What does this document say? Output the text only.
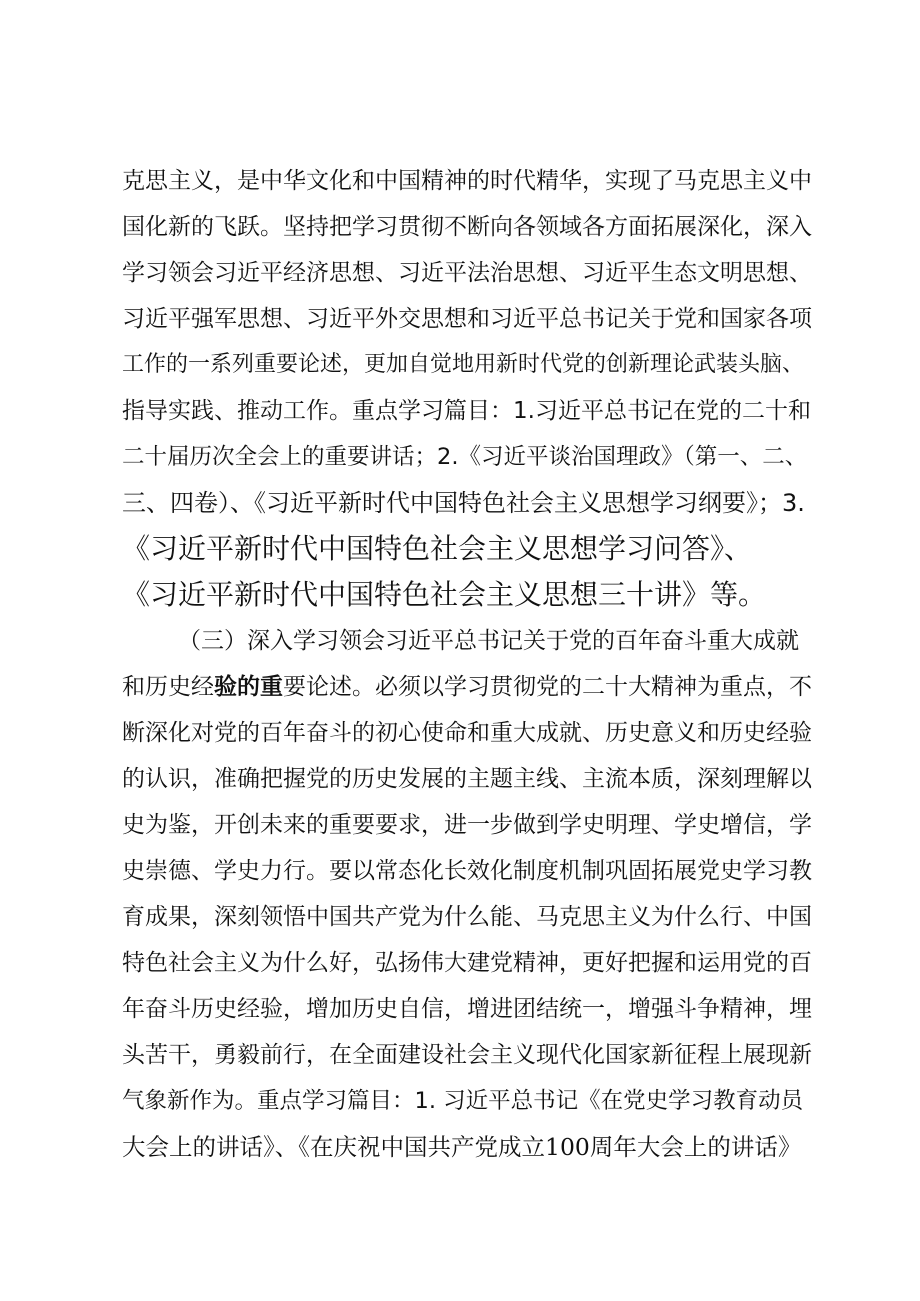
克思主义，是中华文化和中国精神的时代精华，实现了马克思主义中
国化新的飞跃。坚持把学习贯彻不断向各领域各方面拓展深化，深入
学习领会习近平经济思想、习近平法治思想、习近平生态文明思想、
习近平强军思想、习近平外交思想和习近平总书记关于党和国家各项
工作的一系列重要论述，更加自觉地用新时代党的创新理论武装头脑、
指导实践、推动工作。重点学习篇目：1.习近平总书记在党的二十和
二十届历次全会上的重要讲话；2.《习近平谈治国理政》（第一、二、
三、四卷）、《习近平新时代中国特色社会主义思想学习纲要》；3.
《习近平新时代中国特色社会主义思想学习问答》、
《习近平新时代中国特色社会主义思想三十讲》等。
（三）深入学习领会习近平总书记关于党的百年奋斗重大成就
和历史经验的重要论述。必须以学习贯彻党的二十大精神为重点，不
断深化对党的百年奋斗的初心使命和重大成就、历史意义和历史经验
的认识，准确把握党的历史发展的主题主线、主流本质，深刻理解以
史为鉴，开创未来的重要要求，进一步做到学史明理、学史增信，学
史崇德、学史力行。要以常态化长效化制度机制巩固拓展党史学习教
育成果，深刻领悟中国共产党为什么能、马克思主义为什么行、中国
特色社会主义为什么好，弘扬伟大建党精神，更好把握和运用党的百
年奋斗历史经验，增加历史自信，增进团结统一，增强斗争精神，埋
头苦干，勇毅前行，在全面建设社会主义现代化国家新征程上展现新
气象新作为。重点学习篇目：1. 习近平总书记《在党史学习教育动员
大会上的讲话》、《在庆祝中国共产党成立100周年大会上的讲话》
